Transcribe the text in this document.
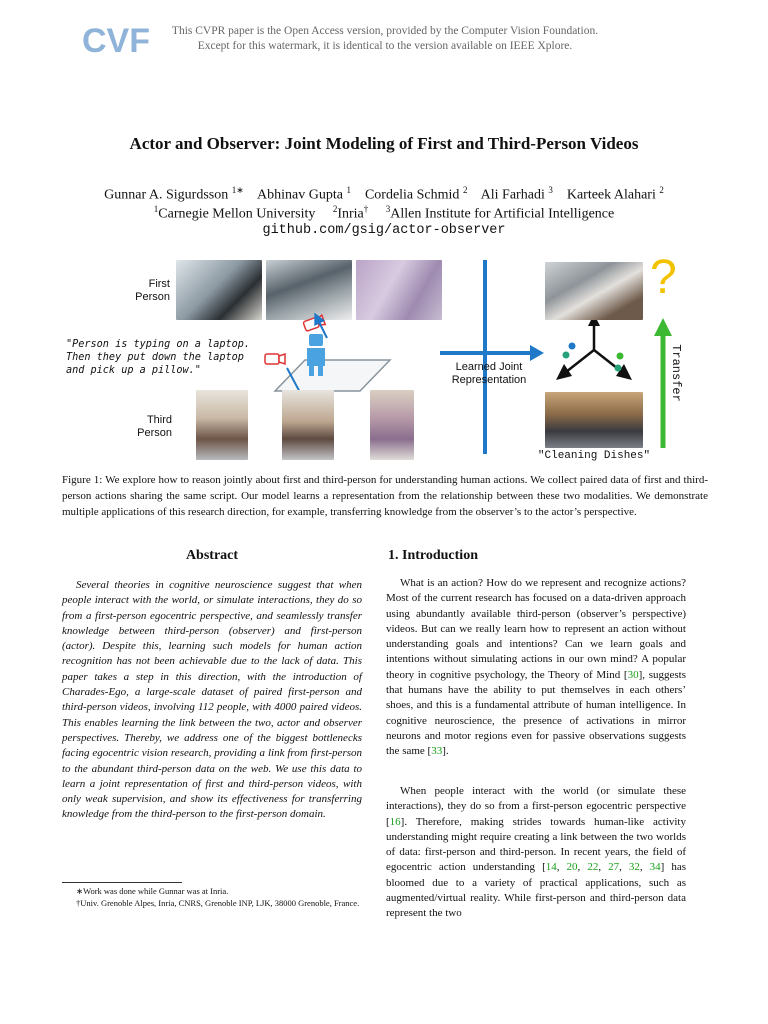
CVF	This CVPR paper is the Open Access version, provided by the Computer Vision Foundation.
Except for this watermark, it is identical to the version available on IEEE Xplore.
Actor and Observer: Joint Modeling of First and Third-Person Videos
Gunnar A. Sigurdsson $^{1∗}$ Abhinav Gupta $^1$ Cordelia Schmid $^2$ Ali Farhadi $^3$ Karteek Alahari $^2$
$^1$Carnegie Mellon University $^2$Inria† $^3$Allen Institute for Artificial Intelligence
github.com/gsig/actor-observer
First
Person
"Person is typing on a laptop.
Then they put down the laptop
and pick up a pillow."
Third
Person
Learned Joint
Representation
?
Transfer
"Cleaning Dishes"
Figure 1: We explore how to reason jointly about first and third-person for understanding human actions. We collect paired data of first and third-person actions sharing the same script. Our model learns a representation from the relationship between these two modalities. We demonstrate multiple applications of this research direction, for example, transferring knowledge from the observer’s to the actor’s perspective.
Abstract

Several theories in cognitive neuroscience suggest that when people interact with the world, or simulate interactions, they do so from a first-person egocentric perspective, and seamlessly transfer knowledge between third-person (observer) and first-person (actor). Despite this, learning such models for human action recognition has not been achievable due to the lack of data. This paper takes a step in this direction, with the introduction of Charades-Ego, a large-scale dataset of paired first-person and third-person videos, involving 112 people, with 4000 paired videos. This enables learning the link between the two, actor and observer perspectives. Thereby, we address one of the biggest bottlenecks facing egocentric vision research, providing a link from first-person to the abundant third-person data on the web. We use this data to learn a joint representation of first and third-person videos, with only weak supervision, and show its effectiveness for transferring knowledge from the third-person to the first-person domain.

∗Work was done while Gunnar was at Inria.
†Univ. Grenoble Alpes, Inria, CNRS, Grenoble INP, LJK, 38000 Grenoble, France.
1. Introduction

What is an action? How do we represent and recognize actions? Most of the current research has focused on a data-driven approach using abundantly available third-person (observer’s perspective) videos. But can we really learn how to represent an action without understanding goals and intentions? Can we learn goals and intentions without simulating actions in our own mind? A popular theory in cognitive psychology, the Theory of Mind [30], suggests that humans have the ability to put themselves in each others’ shoes, and this is a fundamental attribute of human intelligence. In cognitive neuroscience, the presence of activations in mirror neurons and motor regions even for passive observations suggests the same [33].

When people interact with the world (or simulate these interactions), they do so from a first-person egocentric perspective [16]. Therefore, making strides towards human-like activity understanding might require creating a link between the two worlds of data: first-person and third-person. In recent years, the field of egocentric action understanding [14, 20, 22, 27, 32, 34] has bloomed due to a variety of practical applications, such as augmented/virtual reality. While first-person and third-person data represent the two
